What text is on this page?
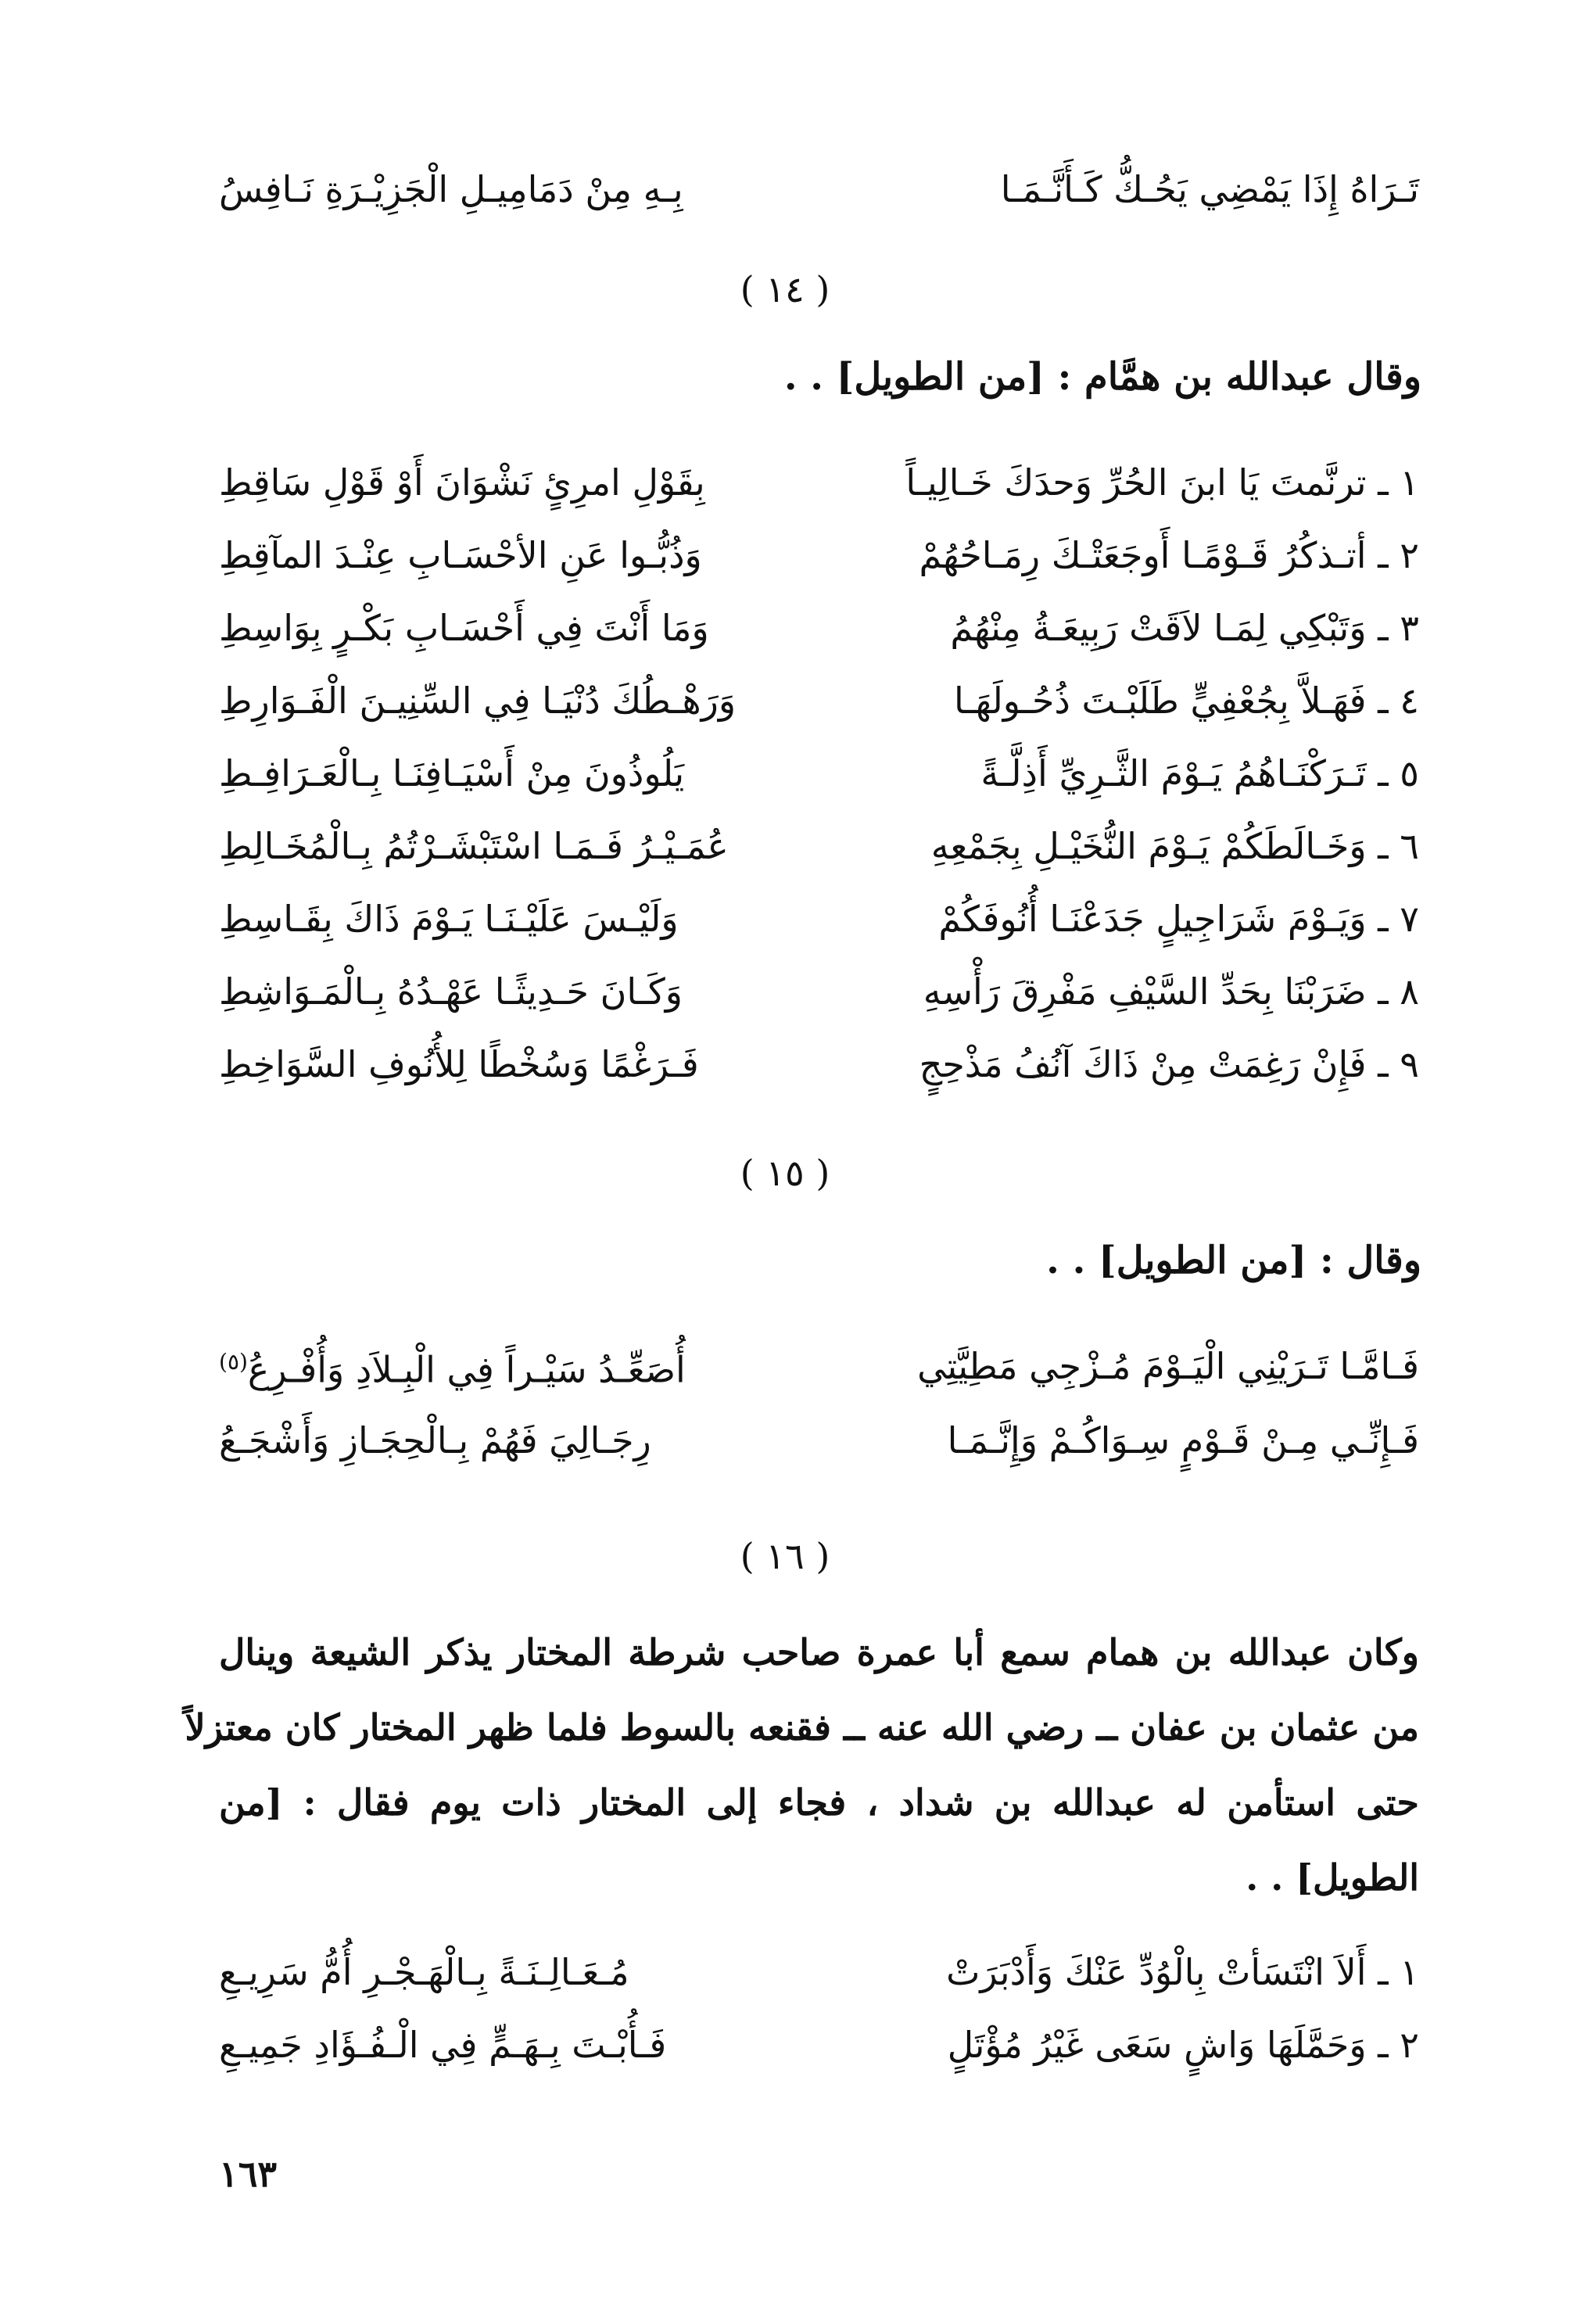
تَـرَاهُ إِذَا يَمْضِي يَحُـكُّ كَـأَنَّـمَـا
بِـهِ مِنْ دَمَامِيـلِ الْجَزِيْـرَةِ نَـافِسُ
( ١٤ )
وقال عبدالله بن همَّام : [من الطويل] . .
١ ـ ترنَّمتَ يَا ابنَ الحُرِّ وَحدَكَ خَـالِيـاً
بِقَوْلِ امرِئٍ نَشْوَانَ أَوْ قَوْلِ سَاقِطِ
٢ ـ أتـذكُرُ قَـوْمًـا أَوجَعَتْـكَ رِمَـاحُهُمْ
وَذُبُّـوا عَنِ الأحْسَـابِ عِنْـدَ المآقِطِ
٣ ـ وَتَبْكِي لِمَـا لاَقَتْ رَبِيعَـةُ مِنْهُمُ
وَمَا أَنْتَ فِي أَحْسَـابِ بَكْـرٍ بِوَاسِطِ
٤ ـ فَهَـلاَّ بِجُعْفِيٍّ طَلَبْـتَ ذُحُـولَهَـا
وَرَهْـطُكَ دُنْيَـا فِي السِّنِيـنَ الْفَـوَارِطِ
٥ ـ تَـرَكْنَـاهُمُ يَـوْمَ الثَّـرِيِّ أَذِلَّـةً
يَلُوذُونَ مِنْ أَسْيَـافِنَـا بِـالْعَـرَافِـطِ
٦ ـ وَخَـالَطَكُمْ يَـوْمَ النُّخَيْـلِ بِجَمْعِهِ
عُمَـيْـرُ فَـمَـا اسْتَبْشَـرْتُمُ بِـالْمُخَـالِطِ
٧ ـ وَيَـوْمَ شَرَاجِيلٍ جَدَعْنَـا أُنُوفَكُمْ
وَلَيْـسَ عَلَيْـنَـا يَـوْمَ ذَاكَ بِقَـاسِطِ
٨ ـ ضَرَبْنَا بِحَدِّ السَّيْفِ مَفْرِقَ رَأْسِهِ
وَكَـانَ حَـدِيثًـا عَهْـدُهُ بِـالْمَـوَاشِطِ
٩ ـ فَإِنْ رَغِمَتْ مِنْ ذَاكَ آنُفُ مَذْحِجٍ
فَـرَغْمًا وَسُخْطًا لِلأُنُوفِ السَّوَاخِطِ
( ١٥ )
وقال : [من الطويل] . .
فَـامَّـا تَـرَيْنِي الْيَـوْمَ مُـزْجِي مَطِيَّتِي
أُصَعِّـدُ سَيْـراً فِي الْبِـلاَدِ وَأُفْـرِعُ$^{(٥)}$
فَـإِنِّـي مِـنْ قَـوْمٍ سِـوَاكُـمْ وَإِنَّـمَـا
رِجَـالِيَ فَهُمْ بِـالْحِجَـازِ وَأَشْجَـعُ
( ١٦ )
وكان عبدالله بن همام سمع أبا عمرة صاحب شرطة المختار يذكر الشيعة وينال
من عثمان بن عفان ــ رضي الله عنه ــ فقنعه بالسوط فلما ظهر المختار كان معتزلاً
حتى استأمن له عبدالله بن شداد ، فجاء إلى المختار ذات يوم فقال : [من
الطويل] . .
١ ـ أَلاَ انْتَسَأتْ بِالْوُدِّ عَنْكَ وَأَدْبَرَتْ
مُـعَـالِـنَـةً بِـالْهَـجْـرِ أُمُّ سَرِيـعِ
٢ ـ وَحَمَّلَهَا وَاشٍ سَعَى غَيْرُ مُؤْتَلٍ
فَـأُبْـتَ بِـهَـمٍّ فِي الْـفُـؤَادِ جَمِيـعِ
١٦٣
